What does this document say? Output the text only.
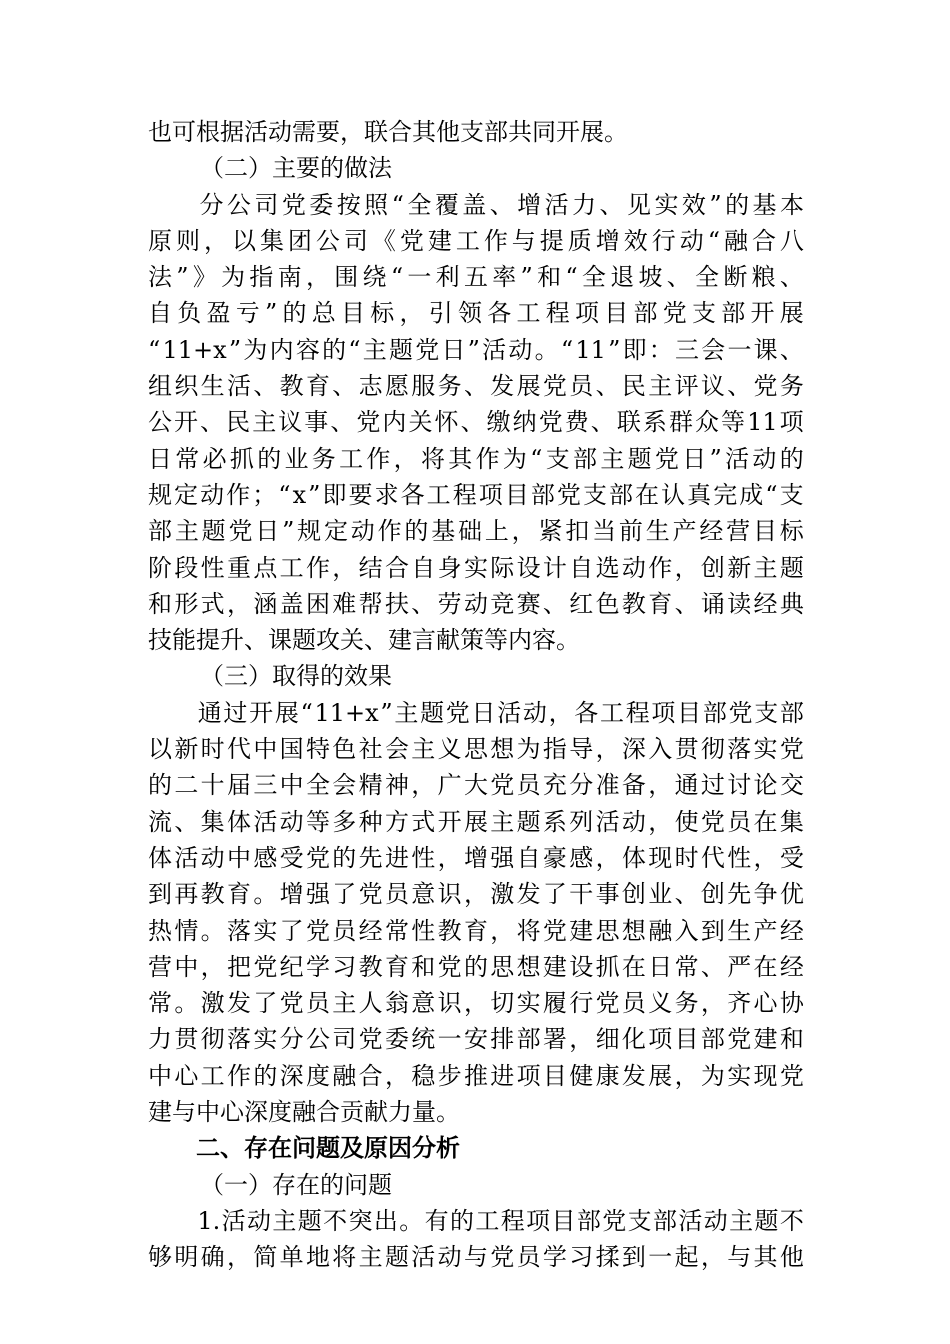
也可根据活动需要，联合其他支部共同开展。
（二）主要的做法

分 公 司 党 委 按 照 “ 全 覆 盖 、 增 活 力 、 见 实 效 ” 的 基 本
原 则 ， 以 集 团 公 司 《 党 建 工 作 与 提 质 增 效 行 动 “ 融 合 八
法 ” 》 为 指 南 ， 围 绕 “ 一 利 五 率 ” 和 “ 全 退 坡 、 全 断 粮 、
自 负 盈 亏 ” 的 总 目 标 ， 引 领 各 工 程 项 目 部 党 支 部 开 展
“ 11+x ” 为 内 容 的 “ 主 题 党 日 ” 活 动 。 “ 11 ” 即 ： 三 会 一 课 、
组 织 生 活 、 教 育 、 志 愿 服 务 、 发 展 党 员 、 民 主 评 议 、 党 务
公 开 、 民 主 议 事 、 党 内 关 怀 、 缴 纳 党 费 、 联 系 群 众 等 11 项
日 常 必 抓 的 业 务 工 作 ， 将 其 作 为 “ 支 部 主 题 党 日 ” 活 动 的
规 定 动 作 ； “ x ” 即 要 求 各 工 程 项 目 部 党 支 部 在 认 真 完 成 “ 支
部 主 题 党 日 ” 规 定 动 作 的 基 础 上 ， 紧 扣 当 前 生 产 经 营 目 标
阶 段 性 重 点 工 作 ， 结 合 自 身 实 际 设 计 自 选 动 作 ， 创 新 主 题
和 形 式 ， 涵 盖 困 难 帮 扶 、 劳 动 竞 赛 、 红 色 教 育 、 诵 读 经 典
技能提升、课题攻关、建言献策等内容。
（三）取得的效果

通 过 开 展 “ 11+x ” 主 题 党 日 活 动 ， 各 工 程 项 目 部 党 支 部
以 新 时 代 中 国 特 色 社 会 主 义 思 想 为 指 导 ， 深 入 贯 彻 落 实 党
的 二 十 届 三 中 全 会 精 神 ， 广 大 党 员 充 分 准 备 ， 通 过 讨 论 交
流 、 集 体 活 动 等 多 种 方 式 开 展 主 题 系 列 活 动 ， 使 党 员 在 集
体 活 动 中 感 受 党 的 先 进 性 ， 增 强 自 豪 感 ， 体 现 时 代 性 ， 受
到 再 教 育 。 增 强 了 党 员 意 识 ， 激 发 了 干 事 创 业 、 创 先 争 优
热 情 。 落 实 了 党 员 经 常 性 教 育 ， 将 党 建 思 想 融 入 到 生 产 经
营 中 ， 把 党 纪 学 习 教 育 和 党 的 思 想 建 设 抓 在 日 常 、 严 在 经
常 。 激 发 了 党 员 主 人 翁 意 识 ， 切 实 履 行 党 员 义 务 ， 齐 心 协
力 贯 彻 落 实 分 公 司 党 委 统 一 安 排 部 署 ， 细 化 项 目 部 党 建 和
中 心 工 作 的 深 度 融 合 ， 稳 步 推 进 项 目 健 康 发 展 ， 为 实 现 党
建与中心深度融合贡献力量。
二、存在问题及原因分析
（一）存在的问题

1. 活 动 主 题 不 突 出 。 有 的 工 程 项 目 部 党 支 部 活 动 主 题 不
够 明 确 ， 简 单 地 将 主 题 活 动 与 党 员 学 习 揉 到 一 起 ， 与 其 他
